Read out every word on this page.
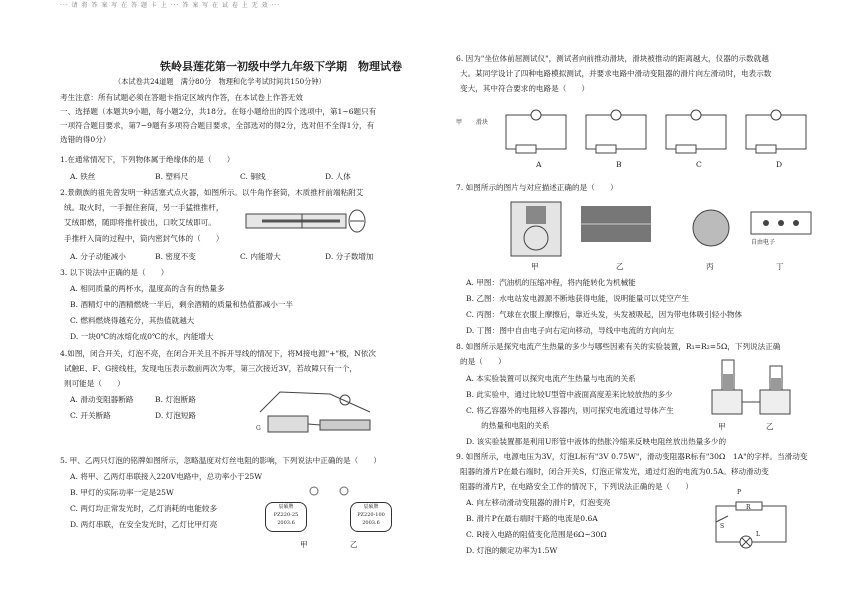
··· 请 将 答 案 写 在 答 题 卡 上 ··· 答 案 写 在 试 卷 上 无 效 ···
铁岭县莲花第一初级中学九年级下学期　物理试卷
（本试卷共24道题　满分80分　物理和化学考试时间共150分钟）
考生注意：所有试题必须在答题卡指定区域内作答，在本试卷上作答无效
一、选择题（本题共9小题，每小题2分，共18分。在每小题给出的四个选项中，第1~6题只有
一项符合题目要求，第7~9题有多项符合题目要求，全部选对的得2分，选对但不全得1分，有
选错的得0分）
1.在通常情况下，下列物体属于绝缘体的是（　　）
A. 铁丝	B. 塑料尺	C. 铜线	D. 人体
2.景颇族的祖先曾发明一种活塞式点火器，如图所示。以牛角作套筒，木质推杆前端粘附艾
绒。取火时，一手握住套筒，另一手猛推推杆，
艾绒即燃，随即将推杆拔出，口吹艾绒即可。
手推杆入筒的过程中，筒内密封气体的（　　）
A. 分子动能减小	B. 密度不变	C. 内能增大	D. 分子数增加
3. 以下说法中正确的是（　　）
A. 相同质量的两杯水，温度高的含有的热量多
B. 酒精灯中的酒精燃烧一半后，剩余酒精的质量和热值都减小一半
C. 燃料燃烧得越充分，其热值就越大
D. 一块0℃的冰熔化成0℃的水，内能增大
4.如图，闭合开关，灯泡不亮，在闭合开关且不拆开导线的情况下，将M接电源"+"极，N依次
试触E、F、G接线柱，发现电压表示数前两次为零，第三次接近3V，若故障只有一个，
则可能是（　　）
A. 滑动变阻器断路	B. 灯泡断路
C. 开关断路	D. 灯泡短路
G
5. 甲、乙两只灯泡的铭牌如图所示，忽略温度对灯丝电阻的影响，下列说法中正确的是（　　）
A. 将甲、乙两灯串联接入220V电路中，总功率小于25W
B. 甲灯的实际功率一定是25W
C. 两灯均正常发光时，乙灯消耗的电能较多
D. 两灯串联，在安全发光时，乙灯比甲灯亮
辰硕牌
PZ220-25
2003.6
辰硕牌
PZ220-100
2003.6
甲	乙
6. 因为"坐位体前屈测试仪"，测试者向前推动滑块，滑块被推动的距离越大，仪器的示数就越
大。某同学设计了四种电路模拟测试，并要求电路中滑动变阻器的滑片向左滑动时，电表示数
变大，其中符合要求的电路是（　　）
甲 滑块
A	B	C	D
7. 如图所示的图片与对应描述正确的是（　　）
自由电子
甲	乙	丙	丁
A. 甲图：汽油机的压缩冲程，将内能转化为机械能
B. 乙图：水电站发电源源不断地获得电能，说明能量可以凭空产生
C. 丙图：气球在衣服上摩擦后，靠近头发，头发被吸起，因为带电体吸引轻小物体
D. 丁图：图中自由电子向右定向移动，导线中电流的方向向左
8. 如图所示是探究电流产生热量的多少与哪些因素有关的实验装置，R₁=R₂=5Ω，下列说法正确
的是（　　）
A. 本实验装置可以探究电流产生热量与电流的关系
B. 此实验中，通过比较U型管中液面高度差来比较放热的多少
C. 将乙容器外的电阻移入容器内，则可探究电流通过导体产生
　　的热量和电阻的关系
D. 该实验装置都是利用U形管中液体的热胀冷缩来反映电阻丝放出热量多少的
甲	乙
9. 如图所示，电源电压为3V，灯泡L标有"3V 0.75W"，滑动变阻器R标有"30Ω　1A"的字样。当滑动变
阻器的滑片P在最右端时，闭合开关S，灯泡正常发光，通过灯泡的电流为0.5A。移动滑动变
阻器的滑片P，在电路安全工作的情况下，下列说法正确的是（　　）
A. 向左移动滑动变阻器的滑片P，灯泡变亮
B. 滑片P在最右端时干路的电流是0.6A
C. R接入电路的阻值变化范围是6Ω~30Ω
D. 灯泡的额定功率为1.5W
P
R
S
L
